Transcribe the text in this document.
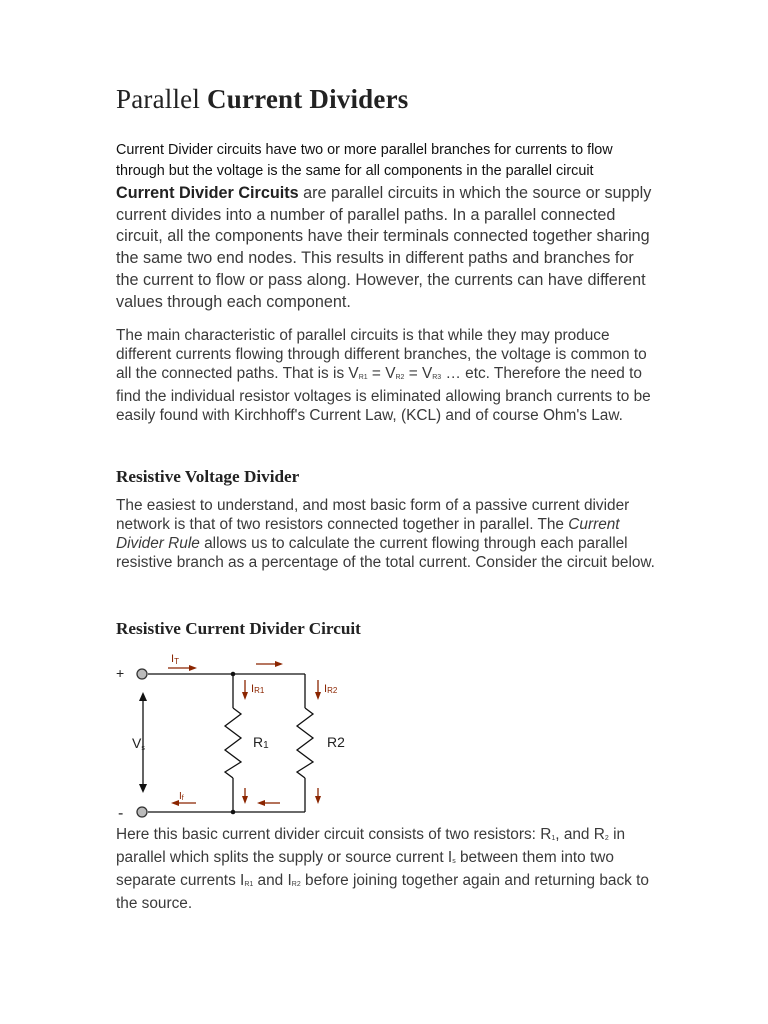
Parallel Current Dividers

Current Divider circuits have two or more parallel branches for currents to flow
through but the voltage is the same for all components in the parallel circuit

Current Divider Circuits are parallel circuits in which the source or supply current divides into a number of parallel paths. In a parallel connected circuit, all the components have their terminals connected together sharing the same two end nodes. This results in different paths and branches for the current to flow or pass along. However, the currents can have different values through each component.

The main characteristic of parallel circuits is that while they may produce different currents flowing through different branches, the voltage is common to all the connected paths. That is is VR1 = VR2 = VR3 … etc. Therefore the need to find the individual resistor voltages is eliminated allowing branch currents to be easily found with Kirchhoff's Current Law, (KCL) and of course Ohm's Law.

Resistive Voltage Divider

The easiest to understand, and most basic form of a passive current divider network is that of two resistors connected together in parallel. The Current Divider Rule allows us to calculate the current flowing through each parallel resistive branch as a percentage of the total current. Consider the circuit below.

Resistive Current Divider Circuit
+
-
IT
Vs
IR1	IR2
R1	R2
If

Here this basic current divider circuit consists of two resistors: R1, and R2 in parallel which splits the supply or source current Is between them into two separate currents IR1 and IR2 before joining together again and returning back to the source.
